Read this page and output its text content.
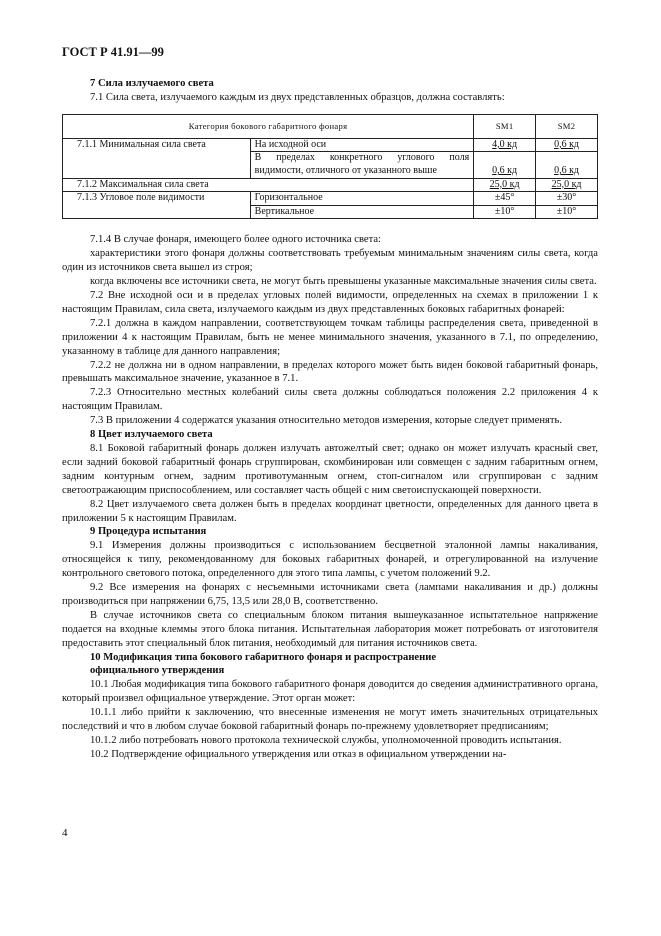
ГОСТ Р 41.91—99

7 Сила излучаемого света

7.1 Сила света, излучаемого каждым из двух представленных образцов, должна составлять:

Категория бокового габаритного фонаря		SM1	SM2
7.1.1 Минимальная сила света	На исходной оси	4,0 кд	0,6 кд
	В пределах конкретного углового поля видимости, отличного от указанного выше	0,6 кд	0,6 кд
7.1.2 Максимальная сила света		25,0 кд	25,0 кд
7.1.3 Угловое поле видимости	Горизонтальное	±45°	±30°
	Вертикальное	±10°	±10°

7.1.4 В случае фонаря, имеющего более одного источника света:

характеристики этого фонаря должны соответствовать требуемым минимальным значениям силы света, когда один из источников света вышел из строя;

когда включены все источники света, не могут быть превышены указанные максимальные значения силы света.

7.2 Вне исходной оси и в пределах угловых полей видимости, определенных на схемах в приложении 1 к настоящим Правилам, сила света, излучаемого каждым из двух представленных боковых габаритных фонарей:

7.2.1 должна в каждом направлении, соответствующем точкам таблицы распределения света, приведенной в приложении 4 к настоящим Правилам, быть не менее минимального значения, указанного в 7.1, по определению, указанному в таблице для данного направления;

7.2.2 не должна ни в одном направлении, в пределах которого может быть виден боковой габаритный фонарь, превышать максимальное значение, указанное в 7.1.

7.2.3 Относительно местных колебаний силы света должны соблюдаться положения 2.2 приложения 4 к настоящим Правилам.

7.3 В приложении 4 содержатся указания относительно методов измерения, которые следует применять.

8 Цвет излучаемого света

8.1 Боковой габаритный фонарь должен излучать автожелтый свет; однако он может излучать красный свет, если задний боковой габаритный фонарь сгруппирован, скомбинирован или совмещен с задним габаритным огнем, задним контурным огнем, задним противотуманным огнем, стоп-сигналом или сгруппирован с задним светоотражающим приспособлением, или составляет часть общей с ним светоиспускающей поверхности.

8.2 Цвет излучаемого света должен быть в пределах координат цветности, определенных для данного цвета в приложении 5 к настоящим Правилам.

9 Процедура испытания

9.1 Измерения должны производиться с использованием бесцветной эталонной лампы накаливания, относящейся к типу, рекомендованному для боковых габаритных фонарей, и отрегулированной на излучение контрольного светового потока, определенного для этого типа лампы, с учетом положений 9.2.

9.2 Все измерения на фонарях с несъемными источниками света (лампами накаливания и др.) должны производиться при напряжении 6,75, 13,5 или 28,0 В, соответственно.

В случае источников света со специальным блоком питания вышеуказанное испытательное напряжение подается на входные клеммы этого блока питания. Испытательная лаборатория может потребовать от изготовителя предоставить этот специальный блок питания, необходимый для питания источников света.

10 Модификация типа бокового габаритного фонаря и распространение

официального утверждения

10.1 Любая модификация типа бокового габаритного фонаря доводится до сведения административного органа, который произвел официальное утверждение. Этот орган может:

10.1.1 либо прийти к заключению, что внесенные изменения не могут иметь значительных отрицательных последствий и что в любом случае боковой габаритный фонарь по-прежнему удовлетворяет предписаниям;

10.1.2 либо потребовать нового протокола технической службы, уполномоченной проводить испытания.

10.2 Подтверждение официального утверждения или отказ в официальном утверждении на-

4
